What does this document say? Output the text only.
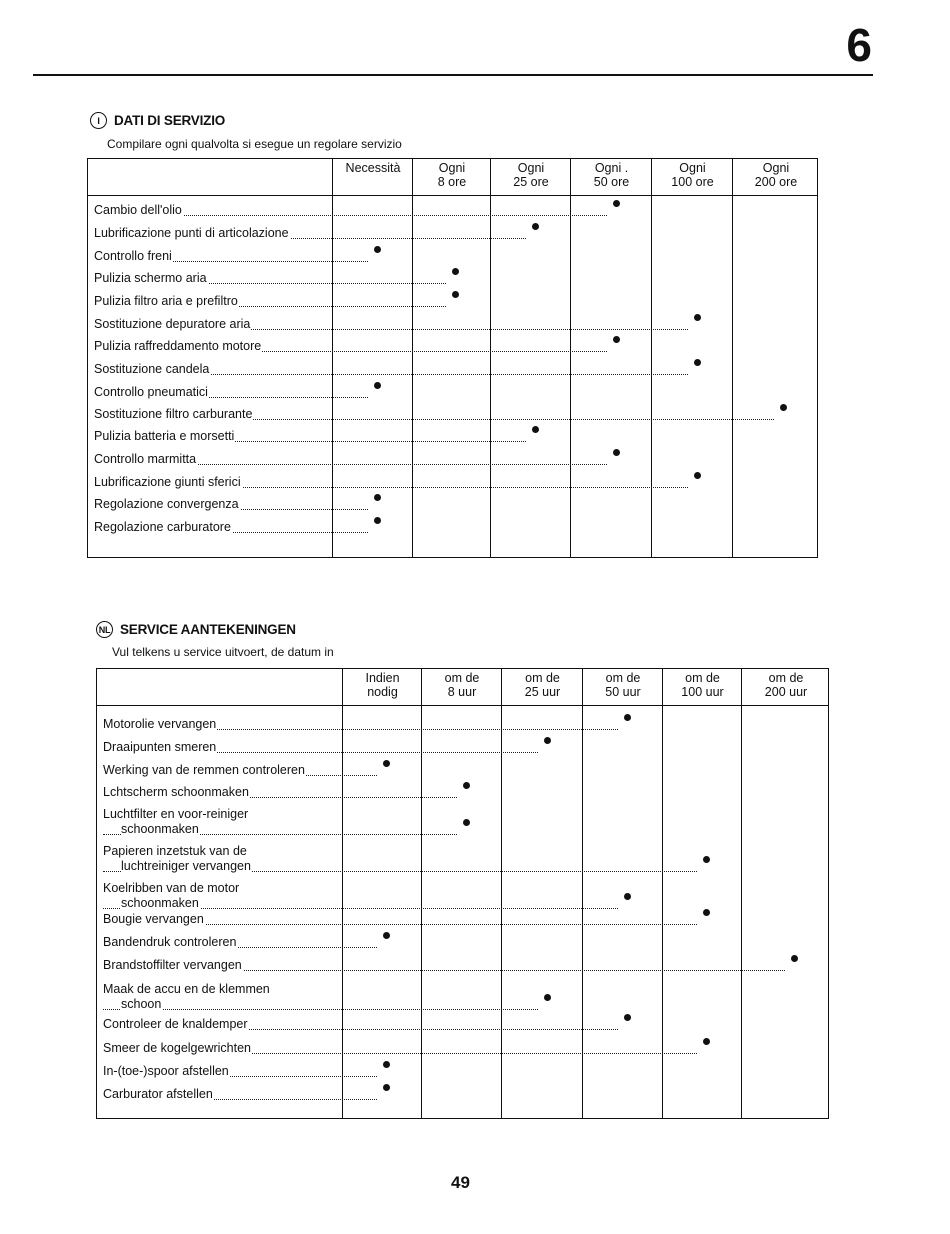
6
I	DATI DI SERVIZIO
Compilare ogni qualvolta si esegue un regolare servizio
Necessità	Ogni
8 ore
Ogni
25 ore
Ogni .
50 ore
Ogni
100 ore
Ogni
200 ore
Cambio dell'olio
Lubrificazione punti di articolazione
Controllo freni
Pulizia schermo aria
Pulizia filtro aria e prefiltro
Sostituzione depuratore aria
Pulizia raffreddamento motore
Sostituzione candela
Controllo pneumatici
Sostituzione filtro carburante
Pulizia batteria e morsetti
Controllo marmitta
Lubrificazione giunti sferici
Regolazione convergenza
Regolazione carburatore
NL SERVICE AANTEKENINGEN
Vul telkens u service uitvoert, de datum in
Indien
nodig
om de
8 uur
om de
25 uur
om de
50 uur
om de
100 uur
om de
200 uur
Motorolie vervangen
Draaipunten smeren
Werking van de remmen controleren
Lchtscherm schoonmaken
Luchtfilter en voor-reiniger
schoonmaken
Papieren inzetstuk van de
luchtreiniger vervangen
Koelribben van de motor
schoonmaken
Bougie vervangen
Bandendruk controleren
Brandstoffilter vervangen
Maak de accu en de klemmen
schoon
Controleer de knaldemper
Smeer de kogelgewrichten
In-(toe-)spoor afstellen
Carburator afstellen
49
